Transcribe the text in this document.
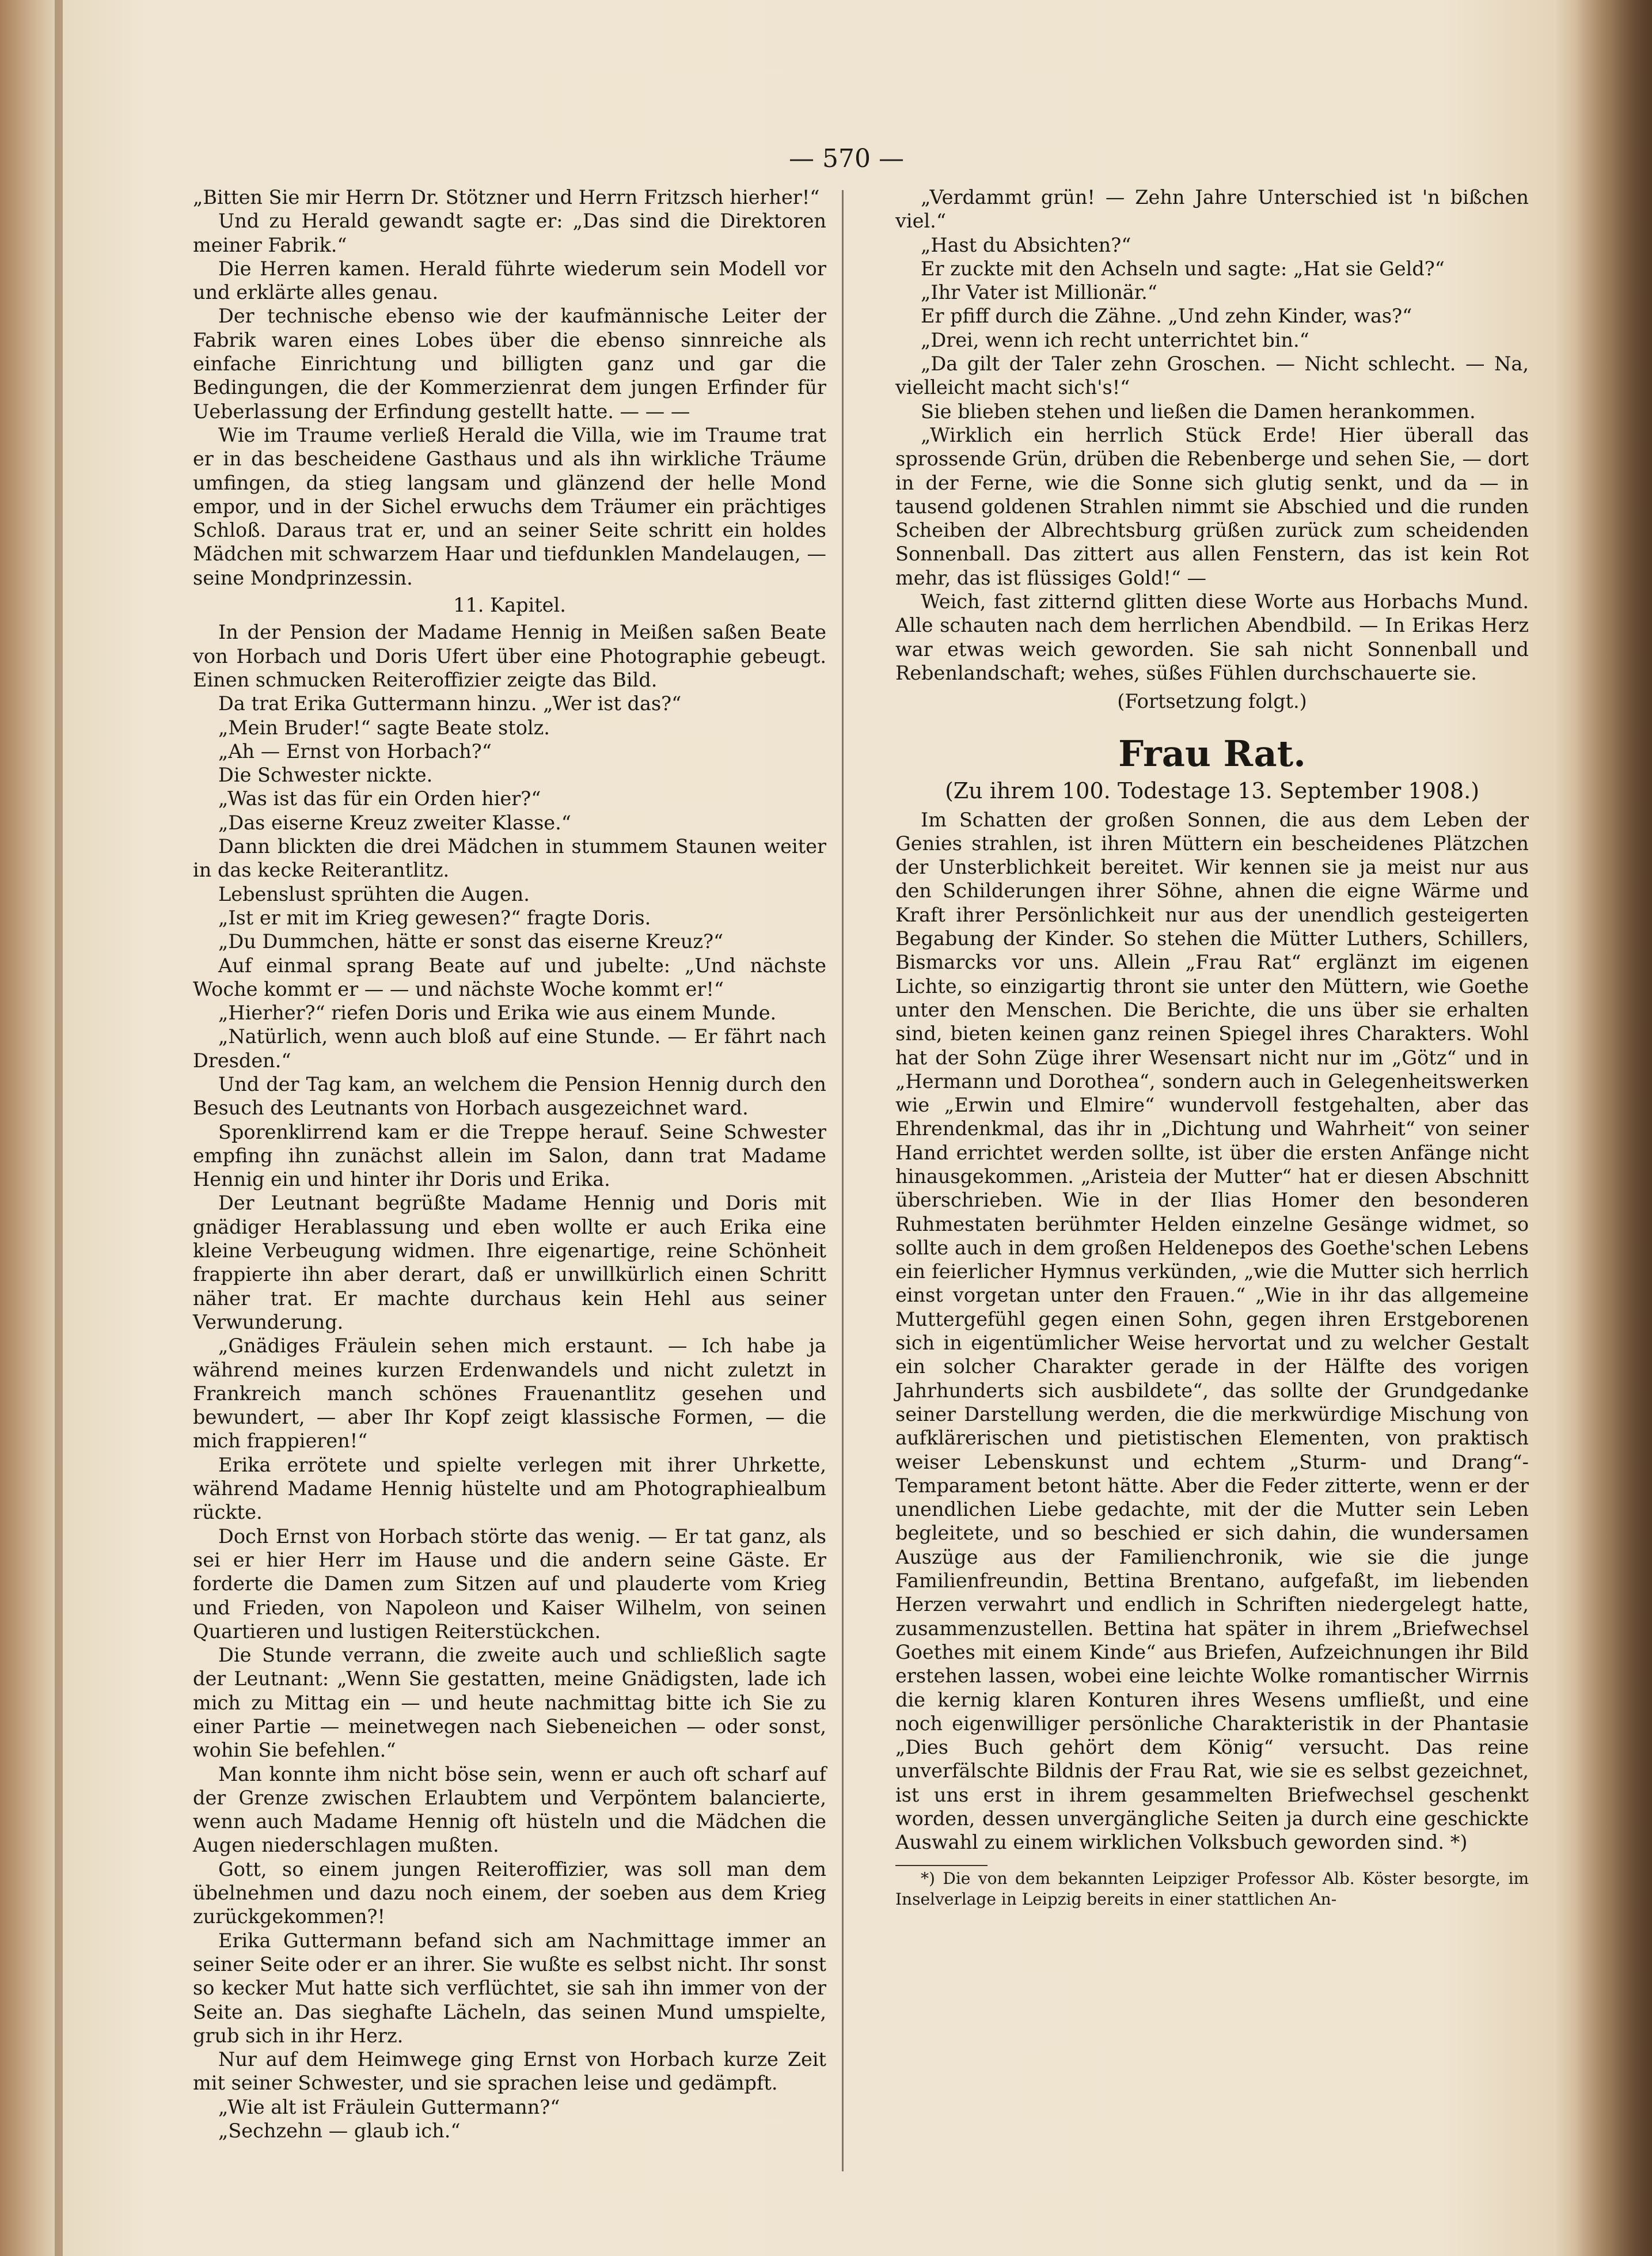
— 570 —

„Bitten Sie mir Herrn Dr. Stötzner und Herrn Fritzsch hierher!“

Und zu Herald gewandt sagte er: „Das sind die Direktoren meiner Fabrik.“

Die Herren kamen. Herald führte wiederum sein Modell vor und erklärte alles genau.

Der technische ebenso wie der kaufmännische Leiter der Fabrik waren eines Lobes über die ebenso sinnreiche als einfache Einrichtung und billigten ganz und gar die Bedingungen, die der Kommerzienrat dem jungen Erfinder für Ueberlassung der Erfindung gestellt hatte. — — —

Wie im Traume verließ Herald die Villa, wie im Traume trat er in das bescheidene Gasthaus und als ihn wirkliche Träume umfingen, da stieg langsam und glänzend der helle Mond empor, und in der Sichel erwuchs dem Träumer ein prächtiges Schloß. Daraus trat er, und an seiner Seite schritt ein holdes Mädchen mit schwarzem Haar und tiefdunklen Mandelaugen, — seine Mondprinzessin.

11. Kapitel.

In der Pension der Madame Hennig in Meißen saßen Beate von Horbach und Doris Ufert über eine Photographie gebeugt. Einen schmucken Reiteroffizier zeigte das Bild.

Da trat Erika Guttermann hinzu. „Wer ist das?“

„Mein Bruder!“ sagte Beate stolz.

„Ah — Ernst von Horbach?“

Die Schwester nickte.

„Was ist das für ein Orden hier?“

„Das eiserne Kreuz zweiter Klasse.“

Dann blickten die drei Mädchen in stummem Staunen weiter in das kecke Reiterantlitz.

Lebenslust sprühten die Augen.

„Ist er mit im Krieg gewesen?“ fragte Doris.

„Du Dummchen, hätte er sonst das eiserne Kreuz?“

Auf einmal sprang Beate auf und jubelte: „Und nächste Woche kommt er — — und nächste Woche kommt er!“

„Hierher?“ riefen Doris und Erika wie aus einem Munde.

„Natürlich, wenn auch bloß auf eine Stunde. — Er fährt nach Dresden.“

Und der Tag kam, an welchem die Pension Hennig durch den Besuch des Leutnants von Horbach ausgezeichnet ward.

Sporenklirrend kam er die Treppe herauf. Seine Schwester empfing ihn zunächst allein im Salon, dann trat Madame Hennig ein und hinter ihr Doris und Erika.

Der Leutnant begrüßte Madame Hennig und Doris mit gnädiger Herablassung und eben wollte er auch Erika eine kleine Verbeugung widmen. Ihre eigenartige, reine Schönheit frappierte ihn aber derart, daß er unwillkürlich einen Schritt näher trat. Er machte durchaus kein Hehl aus seiner Verwunderung.

„Gnädiges Fräulein sehen mich erstaunt. — Ich habe ja während meines kurzen Erdenwandels und nicht zuletzt in Frankreich manch schönes Frauenantlitz gesehen und bewundert, — aber Ihr Kopf zeigt klassische Formen, — die mich frappieren!“

Erika errötete und spielte verlegen mit ihrer Uhrkette, während Madame Hennig hüstelte und am Photographiealbum rückte.

Doch Ernst von Horbach störte das wenig. — Er tat ganz, als sei er hier Herr im Hause und die andern seine Gäste. Er forderte die Damen zum Sitzen auf und plauderte vom Krieg und Frieden, von Napoleon und Kaiser Wilhelm, von seinen Quartieren und lustigen Reiterstückchen.

Die Stunde verrann, die zweite auch und schließlich sagte der Leutnant: „Wenn Sie gestatten, meine Gnädigsten, lade ich mich zu Mittag ein — und heute nachmittag bitte ich Sie zu einer Partie — meinetwegen nach Siebeneichen — oder sonst, wohin Sie befehlen.“

Man konnte ihm nicht böse sein, wenn er auch oft scharf auf der Grenze zwischen Erlaubtem und Verpöntem balancierte, wenn auch Madame Hennig oft hüsteln und die Mädchen die Augen niederschlagen mußten.

Gott, so einem jungen Reiteroffizier, was soll man dem übelnehmen und dazu noch einem, der soeben aus dem Krieg zurückgekommen?!

Erika Guttermann befand sich am Nachmittage immer an seiner Seite oder er an ihrer. Sie wußte es selbst nicht. Ihr sonst so kecker Mut hatte sich verflüchtet, sie sah ihn immer von der Seite an. Das sieghafte Lächeln, das seinen Mund umspielte, grub sich in ihr Herz.

Nur auf dem Heimwege ging Ernst von Horbach kurze Zeit mit seiner Schwester, und sie sprachen leise und gedämpft.

„Wie alt ist Fräulein Guttermann?“

„Sechzehn — glaub ich.“

„Verdammt grün! — Zehn Jahre Unterschied ist 'n bißchen viel.“

„Hast du Absichten?“

Er zuckte mit den Achseln und sagte: „Hat sie Geld?“

„Ihr Vater ist Millionär.“

Er pfiff durch die Zähne. „Und zehn Kinder, was?“

„Drei, wenn ich recht unterrichtet bin.“

„Da gilt der Taler zehn Groschen. — Nicht schlecht. — Na, vielleicht macht sich's!“

Sie blieben stehen und ließen die Damen herankommen.

„Wirklich ein herrlich Stück Erde! Hier überall das sprossende Grün, drüben die Rebenberge und sehen Sie, — dort in der Ferne, wie die Sonne sich glutig senkt, und da — in tausend goldenen Strahlen nimmt sie Abschied und die runden Scheiben der Albrechtsburg grüßen zurück zum scheidenden Sonnenball. Das zittert aus allen Fenstern, das ist kein Rot mehr, das ist flüssiges Gold!“ —

Weich, fast zitternd glitten diese Worte aus Horbachs Mund. Alle schauten nach dem herrlichen Abendbild. — In Erikas Herz war etwas weich geworden. Sie sah nicht Sonnenball und Rebenlandschaft; wehes, süßes Fühlen durchschauerte sie.

(Fortsetzung folgt.)
Frau Rat.
(Zu ihrem 100. Todestage 13. September 1908.)

Im Schatten der großen Sonnen, die aus dem Leben der Genies strahlen, ist ihren Müttern ein bescheidenes Plätzchen der Unsterblichkeit bereitet. Wir kennen sie ja meist nur aus den Schilderungen ihrer Söhne, ahnen die eigne Wärme und Kraft ihrer Persönlichkeit nur aus der unendlich gesteigerten Begabung der Kinder. So stehen die Mütter Luthers, Schillers, Bismarcks vor uns. Allein „Frau Rat“ erglänzt im eigenen Lichte, so einzigartig thront sie unter den Müttern, wie Goethe unter den Menschen. Die Berichte, die uns über sie erhalten sind, bieten keinen ganz reinen Spiegel ihres Charakters. Wohl hat der Sohn Züge ihrer Wesensart nicht nur im „Götz“ und in „Hermann und Dorothea“, sondern auch in Gelegenheitswerken wie „Erwin und Elmire“ wundervoll festgehalten, aber das Ehrendenkmal, das ihr in „Dichtung und Wahrheit“ von seiner Hand errichtet werden sollte, ist über die ersten Anfänge nicht hinausgekommen. „Aristeia der Mutter“ hat er diesen Abschnitt überschrieben. Wie in der Ilias Homer den besonderen Ruhmestaten berühmter Helden einzelne Gesänge widmet, so sollte auch in dem großen Heldenepos des Goethe'schen Lebens ein feierlicher Hymnus verkünden, „wie die Mutter sich herrlich einst vorgetan unter den Frauen.“ „Wie in ihr das allgemeine Muttergefühl gegen einen Sohn, gegen ihren Erstgeborenen sich in eigentümlicher Weise hervortat und zu welcher Gestalt ein solcher Charakter gerade in der Hälfte des vorigen Jahrhunderts sich ausbildete“, das sollte der Grundgedanke seiner Darstellung werden, die die merkwürdige Mischung von aufklärerischen und pietistischen Elementen, von praktisch weiser Lebenskunst und echtem „Sturm- und Drang“-Temparament betont hätte. Aber die Feder zitterte, wenn er der unendlichen Liebe gedachte, mit der die Mutter sein Leben begleitete, und so beschied er sich dahin, die wundersamen Auszüge aus der Familienchronik, wie sie die junge Familienfreundin, Bettina Brentano, aufgefaßt, im liebenden Herzen verwahrt und endlich in Schriften niedergelegt hatte, zusammenzustellen. Bettina hat später in ihrem „Briefwechsel Goethes mit einem Kinde“ aus Briefen, Aufzeichnungen ihr Bild erstehen lassen, wobei eine leichte Wolke romantischer Wirrnis die kernig klaren Konturen ihres Wesens umfließt, und eine noch eigenwilliger persönliche Charakteristik in der Phantasie „Dies Buch gehört dem König“ versucht. Das reine unverfälschte Bildnis der Frau Rat, wie sie es selbst gezeichnet, ist uns erst in ihrem gesammelten Briefwechsel geschenkt worden, dessen unvergängliche Seiten ja durch eine geschickte Auswahl zu einem wirklichen Volksbuch geworden sind. *)

*) Die von dem bekannten Leipziger Professor Alb. Köster besorgte, im Inselverlage in Leipzig bereits in einer stattlichen An-
